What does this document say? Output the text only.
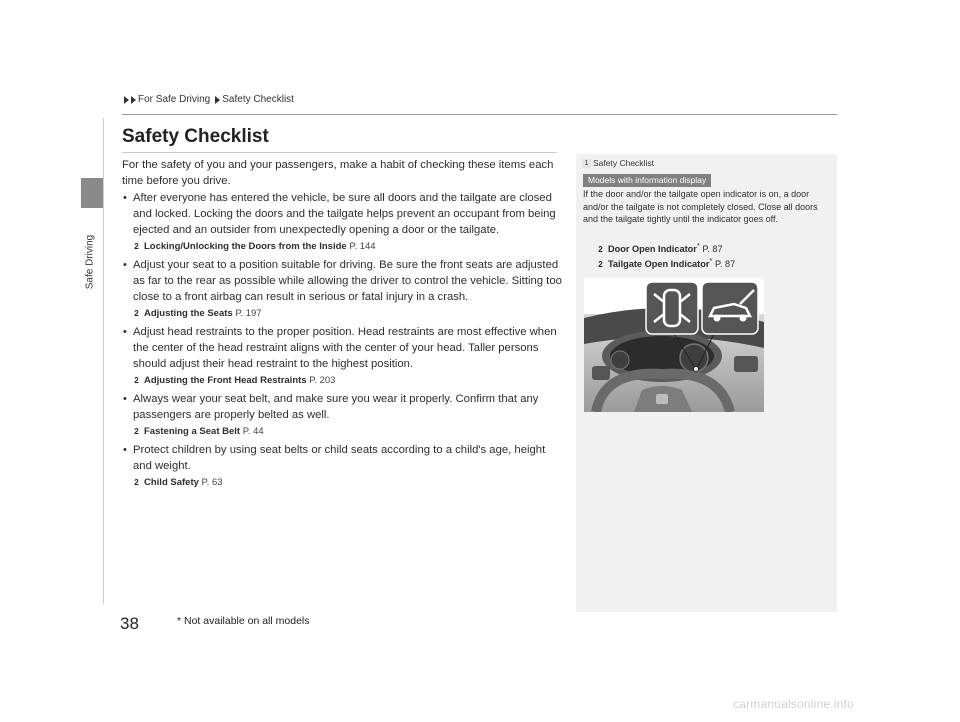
Safe Driving
For Safe Driving Safety Checklist
Safety Checklist

For the safety of you and your passengers, make a habit of checking these items each time before you drive.

• After everyone has entered the vehicle, be sure all doors and the tailgate are closed and locked. Locking the doors and the tailgate helps prevent an occupant from being ejected and an outsider from unexpectedly opening a door or the tailgate.

2 Locking/Unlocking the Doors from the Inside P. 144

• Adjust your seat to a position suitable for driving. Be sure the front seats are adjusted as far to the rear as possible while allowing the driver to control the vehicle. Sitting too close to a front airbag can result in serious or fatal injury in a crash.

2 Adjusting the Seats P. 197

• Adjust head restraints to the proper position. Head restraints are most effective when the center of the head restraint aligns with the center of your head. Taller persons should adjust their head restraint to the highest position.

2 Adjusting the Front Head Restraints P. 203

• Always wear your seat belt, and make sure you wear it properly. Confirm that any passengers are properly belted as well.

2 Fastening a Seat Belt P. 44

• Protect children by using seat belts or child seats according to a child's age, height and weight.

2 Child Safety P. 63
1 Safety Checklist
Models with information display
If the door and/or the tailgate open indicator is on, a door and/or the tailgate is not completely closed. Close all doors and the tailgate tightly until the indicator goes off.
2 Door Open Indicator* P. 87
2 Tailgate Open Indicator* P. 87
38	* Not available on all models
carmanualsonline.info
